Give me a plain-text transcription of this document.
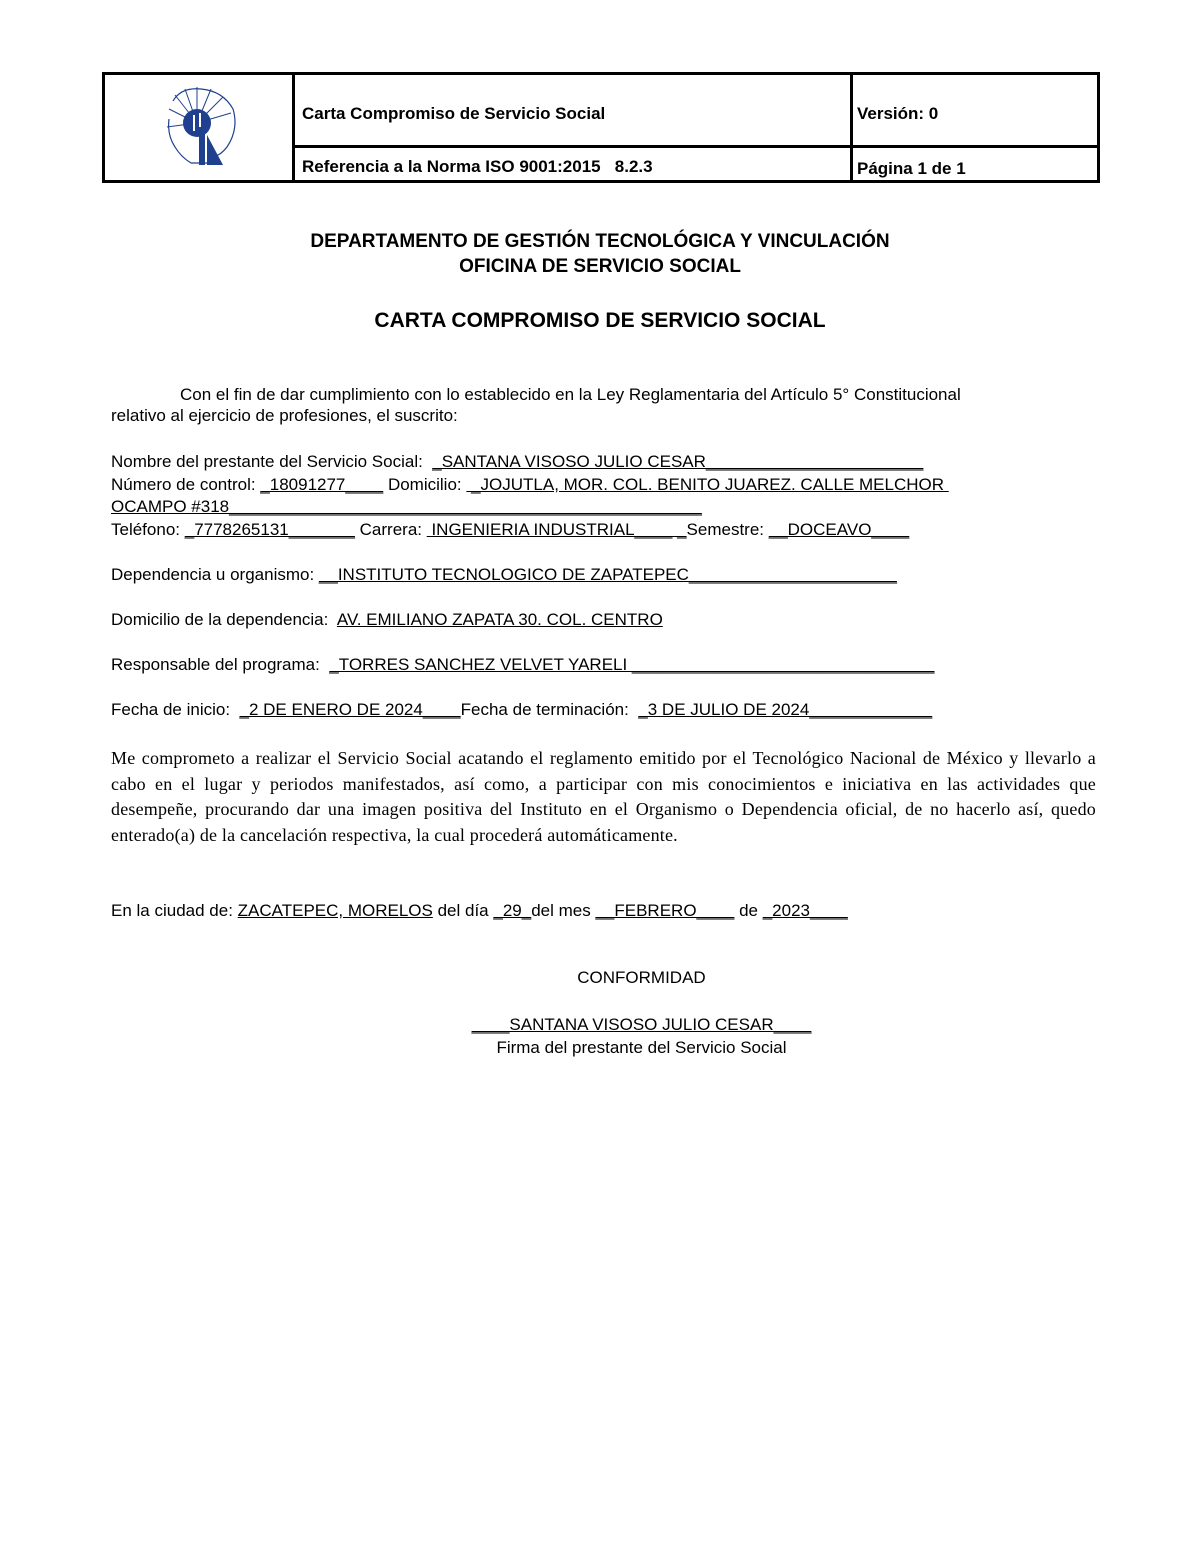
Carta Compromiso de Servicio Social	Versión: 0
Referencia a la Norma ISO 9001:2015   8.2.3	Página 1 de 1
DEPARTAMENTO DE GESTIÓN TECNOLÓGICA Y VINCULACIÓN
OFICINA DE SERVICIO SOCIAL
CARTA COMPROMISO DE SERVICIO SOCIAL
Con el fin de dar cumplimiento con lo establecido en la Ley Reglamentaria del Artículo 5° Constitucional
relativo al ejercicio de profesiones, el suscrito:
Nombre del prestante del Servicio Social:  _SANTANA VISOSO JULIO CESAR_______________________
Número de control: _18091277____ Domicilio:  _JOJUTLA, MOR. COL. BENITO JUAREZ. CALLE MELCHOR
OCAMPO #318__________________________________________________
Teléfono: _7778265131_______ Carrera:  INGENIERIA INDUSTRIAL____ _Semestre: __DOCEAVO____
Dependencia u organismo: __INSTITUTO TECNOLOGICO DE ZAPATEPEC______________________
Domicilio de la dependencia:  AV. EMILIANO ZAPATA 30. COL. CENTRO
Responsable del programa:  _TORRES SANCHEZ VELVET YARELI ________________________________
Fecha de inicio:  _2 DE ENERO DE 2024____Fecha de terminación:  _3 DE JULIO DE 2024_____________
Me comprometo a realizar el Servicio Social acatando el reglamento emitido por el Tecnológico Nacional de México y llevarlo a cabo en el lugar y periodos manifestados, así como, a participar con mis conocimientos e iniciativa en las actividades que desempeñe, procurando dar una imagen positiva del Instituto en el Organismo o Dependencia oficial, de no hacerlo así, quedo enterado(a) de la cancelación respectiva, la cual procederá automáticamente.
En la ciudad de: ZACATEPEC, MORELOS del día _29_del mes __FEBRERO____ de _2023____
CONFORMIDAD
____SANTANA VISOSO JULIO CESAR____
Firma del prestante del Servicio Social
